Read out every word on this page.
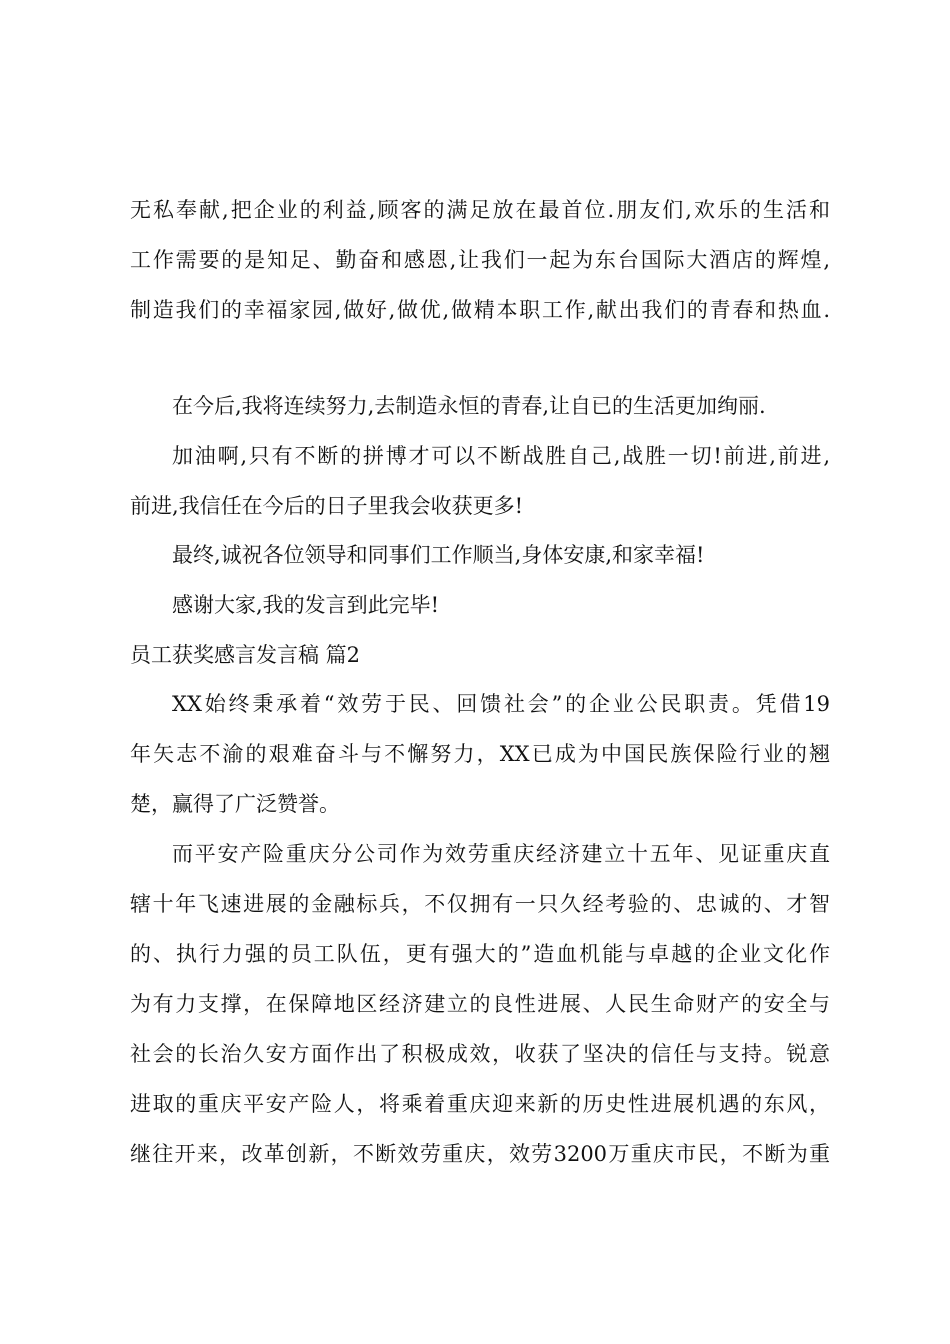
无私奉献,把企业的利益,顾客的满足放在最首位.朋友们,欢乐的生活和
工作需要的是知足、勤奋和感恩,让我们一起为东台国际大酒店的辉煌,
制造我们的幸福家园,做好,做优,做精本职工作,献出我们的青春和热血.
在今后,我将连续努力,去制造永恒的青春,让自已的生活更加绚丽.
加油啊,只有不断的拼博才可以不断战胜自己,战胜一切!前进,前进,
前进,我信任在今后的日子里我会收获更多!
最终,诚祝各位领导和同事们工作顺当,身体安康,和家幸福!
感谢大家,我的发言到此完毕!
员工获奖感言发言稿 篇2
XX始终秉承着“效劳于民、回馈社会”的企业公民职责。凭借19
年矢志不渝的艰难奋斗与不懈努力，XX已成为中国民族保险行业的翘
楚，赢得了广泛赞誉。
而平安产险重庆分公司作为效劳重庆经济建立十五年、见证重庆直
辖十年飞速进展的金融标兵，不仅拥有一只久经考验的、忠诚的、才智
的、执行力强的员工队伍，更有强大的”造血机能与卓越的企业文化作
为有力支撑，在保障地区经济建立的良性进展、人民生命财产的安全与
社会的长治久安方面作出了积极成效，收获了坚决的信任与支持。锐意
进取的重庆平安产险人，将乘着重庆迎来新的历史性进展机遇的东风，
继往开来，改革创新，不断效劳重庆，效劳3200万重庆市民，不断为重
